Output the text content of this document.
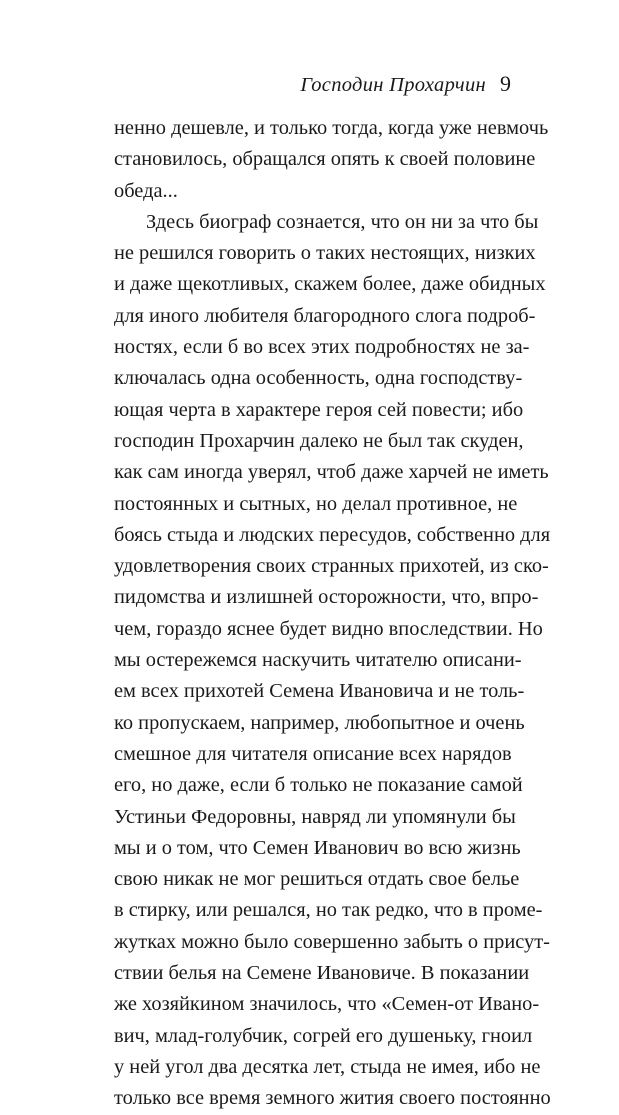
Господин Прохарчин 9
ненно дешевле, и только тогда, когда уже невмочь
становилось, обращался опять к своей половине
обеда...
Здесь биограф сознается, что он ни за что бы
не решился говорить о таких нестоящих, низких
и даже щекотливых, скажем более, даже обидных
для иного любителя благородного слога подроб-
ностях, если б во всех этих подробностях не за-
ключалась одна особенность, одна господству-
ющая черта в характере героя сей повести; ибо
господин Прохарчин далеко не был так скуден,
как сам иногда уверял, чтоб даже харчей не иметь
постоянных и сытных, но делал противное, не
боясь стыда и людских пересудов, собственно для
удовлетворения своих странных прихотей, из ско-
пидомства и излишней осторожности, что, впро-
чем, гораздо яснее будет видно впоследствии. Но
мы остережемся наскучить читателю описани-
ем всех прихотей Семена Ивановича и не толь-
ко пропускаем, например, любопытное и очень
смешное для читателя описание всех нарядов
его, но даже, если б только не показание самой
Устиньи Федоровны, навряд ли упомянули бы
мы и о том, что Семен Иванович во всю жизнь
свою никак не мог решиться отдать свое белье
в стирку, или решался, но так редко, что в проме-
жутках можно было совершенно забыть о присут-
ствии белья на Семене Ивановиче. В показании
же хозяйкином значилось, что «Семен-от Ивано-
вич, млад-голубчик, согрей его душеньку, гноил
у ней угол два десятка лет, стыда не имея, ибо не
только все время земного жития своего постоянно
